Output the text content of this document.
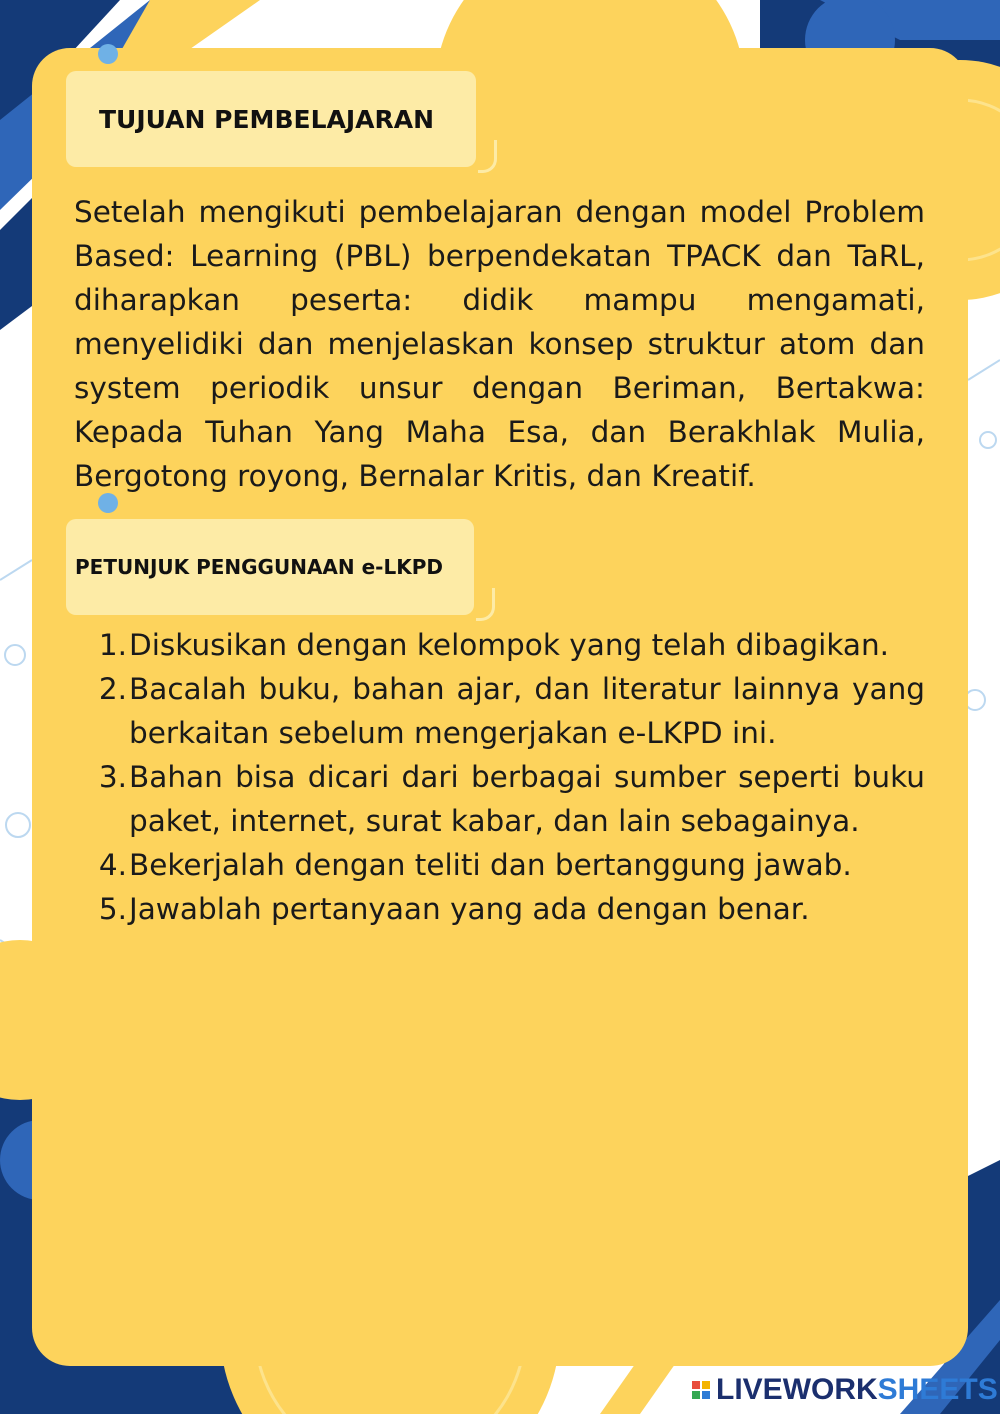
TUJUAN PEMBELAJARAN

Setelah mengikuti pembelajaran dengan model Problem Based: Learning (PBL) berpendekatan TPACK dan TaRL, diharapkan peserta: didik mampu mengamati, menyelidiki dan menjelaskan konsep struktur atom dan system periodik unsur dengan Beriman, Bertakwa: Kepada Tuhan Yang Maha Esa, dan Berakhlak Mulia, Bergotong royong, Bernalar Kritis, dan Kreatif.

PETUNJUK PENGGUNAAN e-LKPD
1. Diskusikan dengan kelompok yang telah dibagikan.
2. Bacalah buku, bahan ajar, dan literatur lainnya yang berkaitan sebelum mengerjakan e-LKPD ini.
3. Bahan bisa dicari dari berbagai sumber seperti buku paket, internet, surat kabar, dan lain sebagainya.
4. Bekerjalah dengan teliti dan bertanggung jawab.
5. Jawablah pertanyaan yang ada dengan benar.
LIVE WORK SHEETS
